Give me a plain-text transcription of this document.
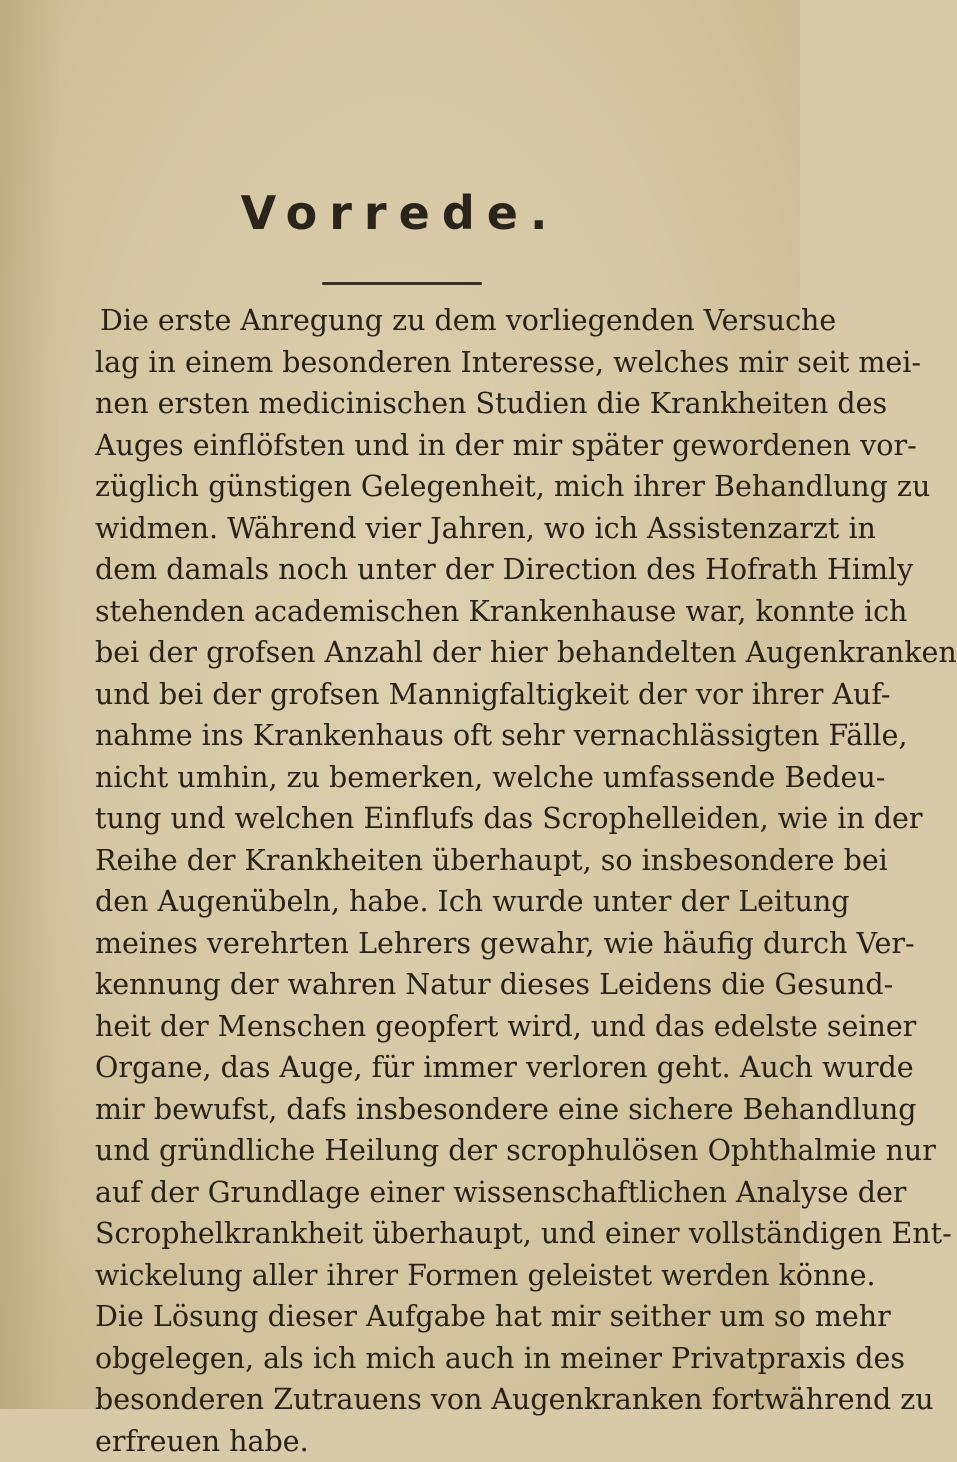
Vorrede.
Die erste Anregung zu dem vorliegenden Versuche
lag in einem besonderen Interesse, welches mir seit mei-
nen ersten medicinischen Studien die Krankheiten des
Auges einflöfsten und in der mir später gewordenen vor-
züglich günstigen Gelegenheit, mich ihrer Behandlung zu
widmen. Während vier Jahren, wo ich Assistenzarzt in
dem damals noch unter der Direction des Hofrath Himly
stehenden academischen Krankenhause war, konnte ich
bei der grofsen Anzahl der hier behandelten Augenkranken
und bei der grofsen Mannigfaltigkeit der vor ihrer Auf-
nahme ins Krankenhaus oft sehr vernachlässigten Fälle,
nicht umhin, zu bemerken, welche umfassende Bedeu-
tung und welchen Einflufs das Scrophelleiden, wie in der
Reihe der Krankheiten überhaupt, so insbesondere bei
den Augenübeln, habe. Ich wurde unter der Leitung
meines verehrten Lehrers gewahr, wie häufig durch Ver-
kennung der wahren Natur dieses Leidens die Gesund-
heit der Menschen geopfert wird, und das edelste seiner
Organe, das Auge, für immer verloren geht. Auch wurde
mir bewufst, dafs insbesondere eine sichere Behandlung
und gründliche Heilung der scrophulösen Ophthalmie nur
auf der Grundlage einer wissenschaftlichen Analyse der
Scrophelkrankheit überhaupt, und einer vollständigen Ent-
wickelung aller ihrer Formen geleistet werden könne.
Die Lösung dieser Aufgabe hat mir seither um so mehr
obgelegen, als ich mich auch in meiner Privatpraxis des
besonderen Zutrauens von Augenkranken fortwährend zu
erfreuen habe.
